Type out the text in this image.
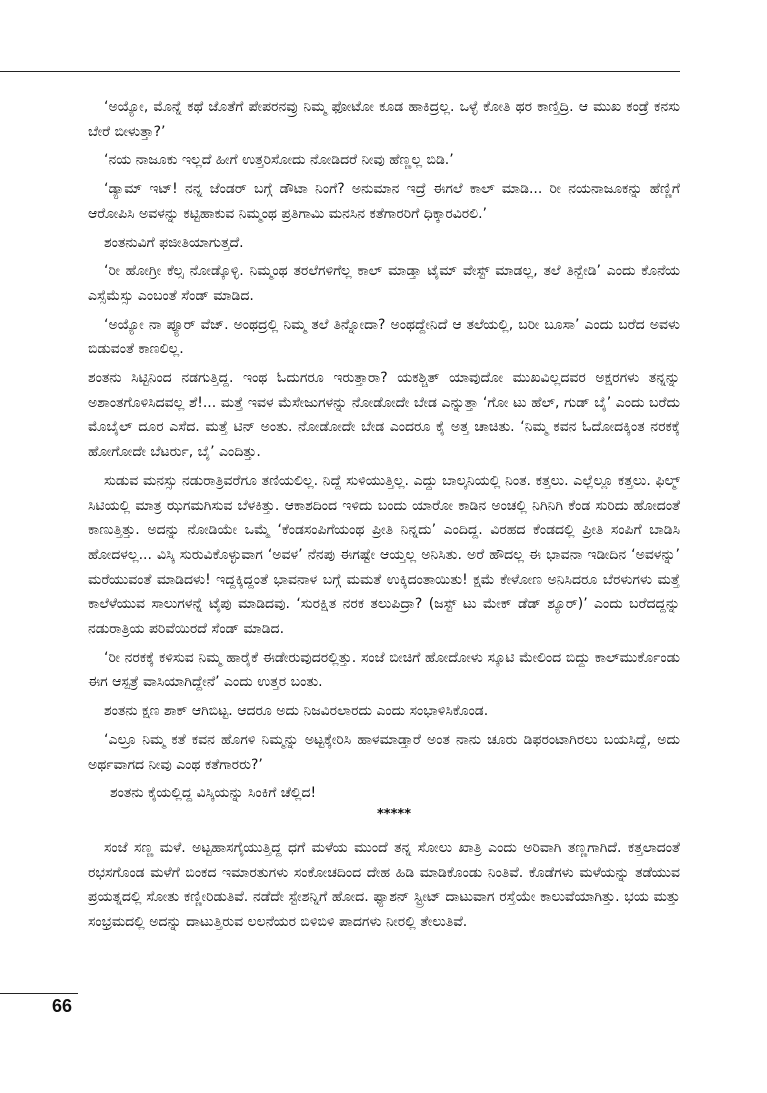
‘ಅಯ್ಯೋ, ಮೊನ್ನೆ ಕಥೆ ಜೊತೆಗೆ ಪೇಪರನವ್ರು ನಿಮ್ಮ ಫೋಟೋ ಕೂಡ ಹಾಕಿದ್ರಲ್ಲ. ಒಳ್ಳೆ ಕೋತಿ ಥರ ಕಾಣ್ತಿದ್ರಿ. ಆ ಮುಖ ಕಂಡ್ರೆ ಕನಸು ಬೇರೆ ಬೀಳುತ್ತಾ?’

‘ನಯ ನಾಜೂಕು ಇಲ್ಲದೆ ಹೀಗೆ ಉತ್ತರಿಸೋದು ನೋಡಿದರೆ ನೀವು ಹೆಣ್ಣಲ್ಲ ಬಿಡಿ.’

‘ಡ್ಯಾಮ್ ಇಟ್! ನನ್ನ ಜೆಂಡರ್ ಬಗ್ಗೆ ಡೌಟಾ ನಿಂಗೆ? ಅನುಮಾನ ಇದ್ರೆ ಈಗಲೆ ಕಾಲ್ ಮಾಡಿ... ರೀ ನಯನಾಜೂಕನ್ನು ಹೆಣ್ಣಿಗೆ ಆರೋಪಿಸಿ ಅವಳನ್ನು ಕಟ್ಟಿಹಾಕುವ ನಿಮ್ಮಂಥ ಪ್ರತಿಗಾಮಿ ಮನಸಿನ ಕತೆಗಾರರಿಗೆ ಧಿಕ್ಕಾರವಿರಲಿ.’

ಶಂತನುವಿಗೆ ಫಜೀತಿಯಾಗುತ್ತದೆ.

‘ರೀ ಹೋಗ್ರೀ ಕೆಲ್ಸ ನೋಡ್ಕೊಳ್ಳಿ. ನಿಮ್ಮಂಥ ತರಲೆಗಳಿಗೆಲ್ಲ ಕಾಲ್ ಮಾಡ್ತಾ ಟೈಮ್ ವೇಸ್ಟ್ ಮಾಡಲ್ಲ, ತಲೆ ತಿನ್ಬೇಡಿ’ ಎಂದು ಕೊನೆಯ ಎಸ್ಸೆಮೆಸ್ಸು ಎಂಬಂತೆ ಸೆಂಡ್ ಮಾಡಿದ.

‘ಅಯ್ಯೋ ನಾ ಪ್ಯೂರ್ ವೆಜ್. ಅಂಥದ್ರಲ್ಲಿ ನಿಮ್ಮ ತಲೆ ತಿನ್ನೋದಾ? ಅಂಥದ್ದೇನಿದೆ ಆ ತಲೆಯಲ್ಲಿ, ಬರೀ ಬೂಸಾ’ ಎಂದು ಬರೆದ ಅವಳು ಬಿಡುವಂತೆ ಕಾಣಲಿಲ್ಲ.

ಶಂತನು ಸಿಟ್ಟಿನಿಂದ ನಡಗುತ್ತಿದ್ದ. ಇಂಥ ಓದುಗರೂ ಇರುತ್ತಾರಾ? ಯಕಶ್ಚಿತ್ ಯಾವುದೋ ಮುಖವಿಲ್ಲದವರ ಅಕ್ಷರಗಳು ತನ್ನನ್ನು ಅಶಾಂತಗೊಳಿಸಿದವಲ್ಲ ಶೆ!... ಮತ್ತೆ ಇವಳ ಮೆಸೇಜುಗಳನ್ನು ನೋಡೋದೇ ಬೇಡ ಎನ್ನುತ್ತಾ ‘ಗೋ ಟು ಹೆಲ್, ಗುಡ್ ಬೈ’ ಎಂದು ಬರೆದು ಮೊಬೈಲ್ ದೂರ ಎಸೆದ. ಮತ್ತೆ ಟಿನ್ ಅಂತು. ನೋಡೋದೇ ಬೇಡ ಎಂದರೂ ಕೈ ಅತ್ತ ಚಾಚಿತು. ‘ನಿಮ್ಮ ಕವನ ಓದೋದಕ್ಕಿಂತ ನರಕಕ್ಕೆ ಹೋಗೋದೇ ಬೆಟರ್ರು, ಬೈ’ ಎಂದಿತ್ತು.

ಸುಡುವ ಮನಸ್ಸು ನಡುರಾತ್ರಿವರೆಗೂ ತಣಿಯಲಿಲ್ಲ. ನಿದ್ದೆ ಸುಳಿಯುತ್ತಿಲ್ಲ. ಎದ್ದು ಬಾಲ್ಕನಿಯಲ್ಲಿ ನಿಂತ. ಕತ್ತಲು. ಎಲ್ಲೆಲ್ಲೂ ಕತ್ತಲು. ಫಿಲ್ಮ್ ಸಿಟಿಯಲ್ಲಿ ಮಾತ್ರ ಝಗಮಗಿಸುವ ಬೆಳಕಿತ್ತು. ಆಕಾಶದಿಂದ ಇಳಿದು ಬಂದು ಯಾರೋ ಕಾಡಿನ ಅಂಚಲ್ಲಿ ನಿಗಿನಿಗಿ ಕೆಂಡ ಸುರಿದು ಹೋದಂತೆ ಕಾಣುತ್ತಿತ್ತು. ಅದನ್ನು ನೋಡಿಯೇ ಒಮ್ಮೆ ‘ಕೆಂಡಸಂಪಿಗೆಯಂಥ ಪ್ರೀತಿ ನಿನ್ನದು’ ಎಂದಿದ್ದ. ವಿರಹದ ಕೆಂಡದಲ್ಲಿ ಪ್ರೀತಿ ಸಂಪಿಗೆ ಬಾಡಿಸಿ ಹೋದಳಲ್ಲ... ವಿಸ್ಕಿ ಸುರುವಿಕೊಳ್ಳುವಾಗ ‘ಅವಳ’ ನೆನಪು ಈಗಷ್ಟೇ ಆಯ್ತಲ್ಲ ಅನಿಸಿತು. ಅರೆ ಹೌದಲ್ಲ ಈ ಭಾವನಾ ಇಡೀದಿನ ‘ಅವಳನ್ನು’ ಮರೆಯುವಂತೆ ಮಾಡಿದಳು! ಇದ್ದಕ್ಕಿದ್ದಂತೆ ಭಾವನಾಳ ಬಗ್ಗೆ ಮಮತೆ ಉಕ್ಕಿದಂತಾಯಿತು! ಕ್ಷಮೆ ಕೇಳೋಣ ಅನಿಸಿದರೂ ಬೆರಳುಗಳು ಮತ್ತೆ ಕಾಲೆಳೆಯುವ ಸಾಲುಗಳನ್ನೆ ಟೈಪು ಮಾಡಿದವು. ‘ಸುರಕ್ಷಿತ ನರಕ ತಲುಪಿದ್ರಾ? (ಜಸ್ಟ್ ಟು ಮೇಕ್ ಡೆಡ್ ಶ್ಯೂರ್)’ ಎಂದು ಬರೆದದ್ದನ್ನು ನಡುರಾತ್ರಿಯ ಪರಿವೆಯಿರದೆ ಸೆಂಡ್ ಮಾಡಿದ.

‘ರೀ ನರಕಕ್ಕೆ ಕಳಿಸುವ ನಿಮ್ಮ ಹಾರೈಕೆ ಈಡೇರುವುದರಲ್ಲಿತ್ತು. ಸಂಜೆ ಬೀಚಿಗೆ ಹೋದೋಳು ಸ್ಕೂಟಿ ಮೇಲಿಂದ ಬಿದ್ದು ಕಾಲ್‌ಮುರ್ಕೊಂಡು ಈಗ ಆಸ್ಪತ್ರೆ ವಾಸಿಯಾಗಿದ್ದೇನೆ’ ಎಂದು ಉತ್ತರ ಬಂತು.

ಶಂತನು ಕ್ಷಣ ಶಾಕ್ ಆಗಿಬಿಟ್ಟ. ಆದರೂ ಅದು ನಿಜವಿರಲಾರದು ಎಂದು ಸಂಭಾಳಿಸಿಕೊಂಡ.

‘ಎಲ್ರೂ ನಿಮ್ಮ ಕತೆ ಕವನ ಹೊಗಳಿ ನಿಮ್ಮನ್ನು ಅಟ್ಟಕ್ಕೇರಿಸಿ ಹಾಳಮಾಡ್ತಾರೆ ಅಂತ ನಾನು ಚೂರು ಡಿಫರಂಟಾಗಿರಲು ಬಯಸಿದ್ದೆ, ಅದು ಅರ್ಥವಾಗದ ನೀವು ಎಂಥ ಕತೆಗಾರರು?’

ಶಂತನು ಕೈಯಲ್ಲಿದ್ದ ವಿಸ್ಕಿಯನ್ನು ಸಿಂಕಿಗೆ ಚೆಲ್ಲಿದ!

*****

ಸಂಜೆ ಸಣ್ಣ ಮಳೆ. ಅಟ್ಟಹಾಸಗೈಯುತ್ತಿದ್ದ ಧಗೆ ಮಳೆಯ ಮುಂದೆ ತನ್ನ ಸೋಲು ಖಾತ್ರಿ ಎಂದು ಅರಿವಾಗಿ ತಣ್ಣಗಾಗಿದೆ. ಕತ್ತಲಾದಂತೆ ರಭಸಗೊಂಡ ಮಳೆಗೆ ಬಿಂಕದ ಇಮಾರತುಗಳು ಸಂಕೋಚದಿಂದ ದೇಹ ಹಿಡಿ ಮಾಡಿಕೊಂಡು ನಿಂತಿವೆ. ಕೊಡೆಗಳು ಮಳೆಯನ್ನು ತಡೆಯುವ ಪ್ರಯತ್ನದಲ್ಲಿ ಸೋತು ಕಣ್ಣೀರಿಡುತಿವೆ. ನಡೆದೇ ಸ್ಟೇಶನ್ನಿಗೆ ಹೋದ. ಫ್ಯಾಶನ್ ಸ್ಟ್ರೀಟ್ ದಾಟುವಾಗ ರಸ್ತೆಯೇ ಕಾಲುವೆಯಾಗಿತ್ತು. ಭಯ ಮತ್ತು ಸಂಭ್ರಮದಲ್ಲಿ ಅದನ್ನು ದಾಟುತ್ತಿರುವ ಲಲನೆಯರ ಬಿಳಿಬಿಳಿ ಪಾದಗಳು ನೀರಲ್ಲಿ ತೇಲುತಿವೆ.

66
